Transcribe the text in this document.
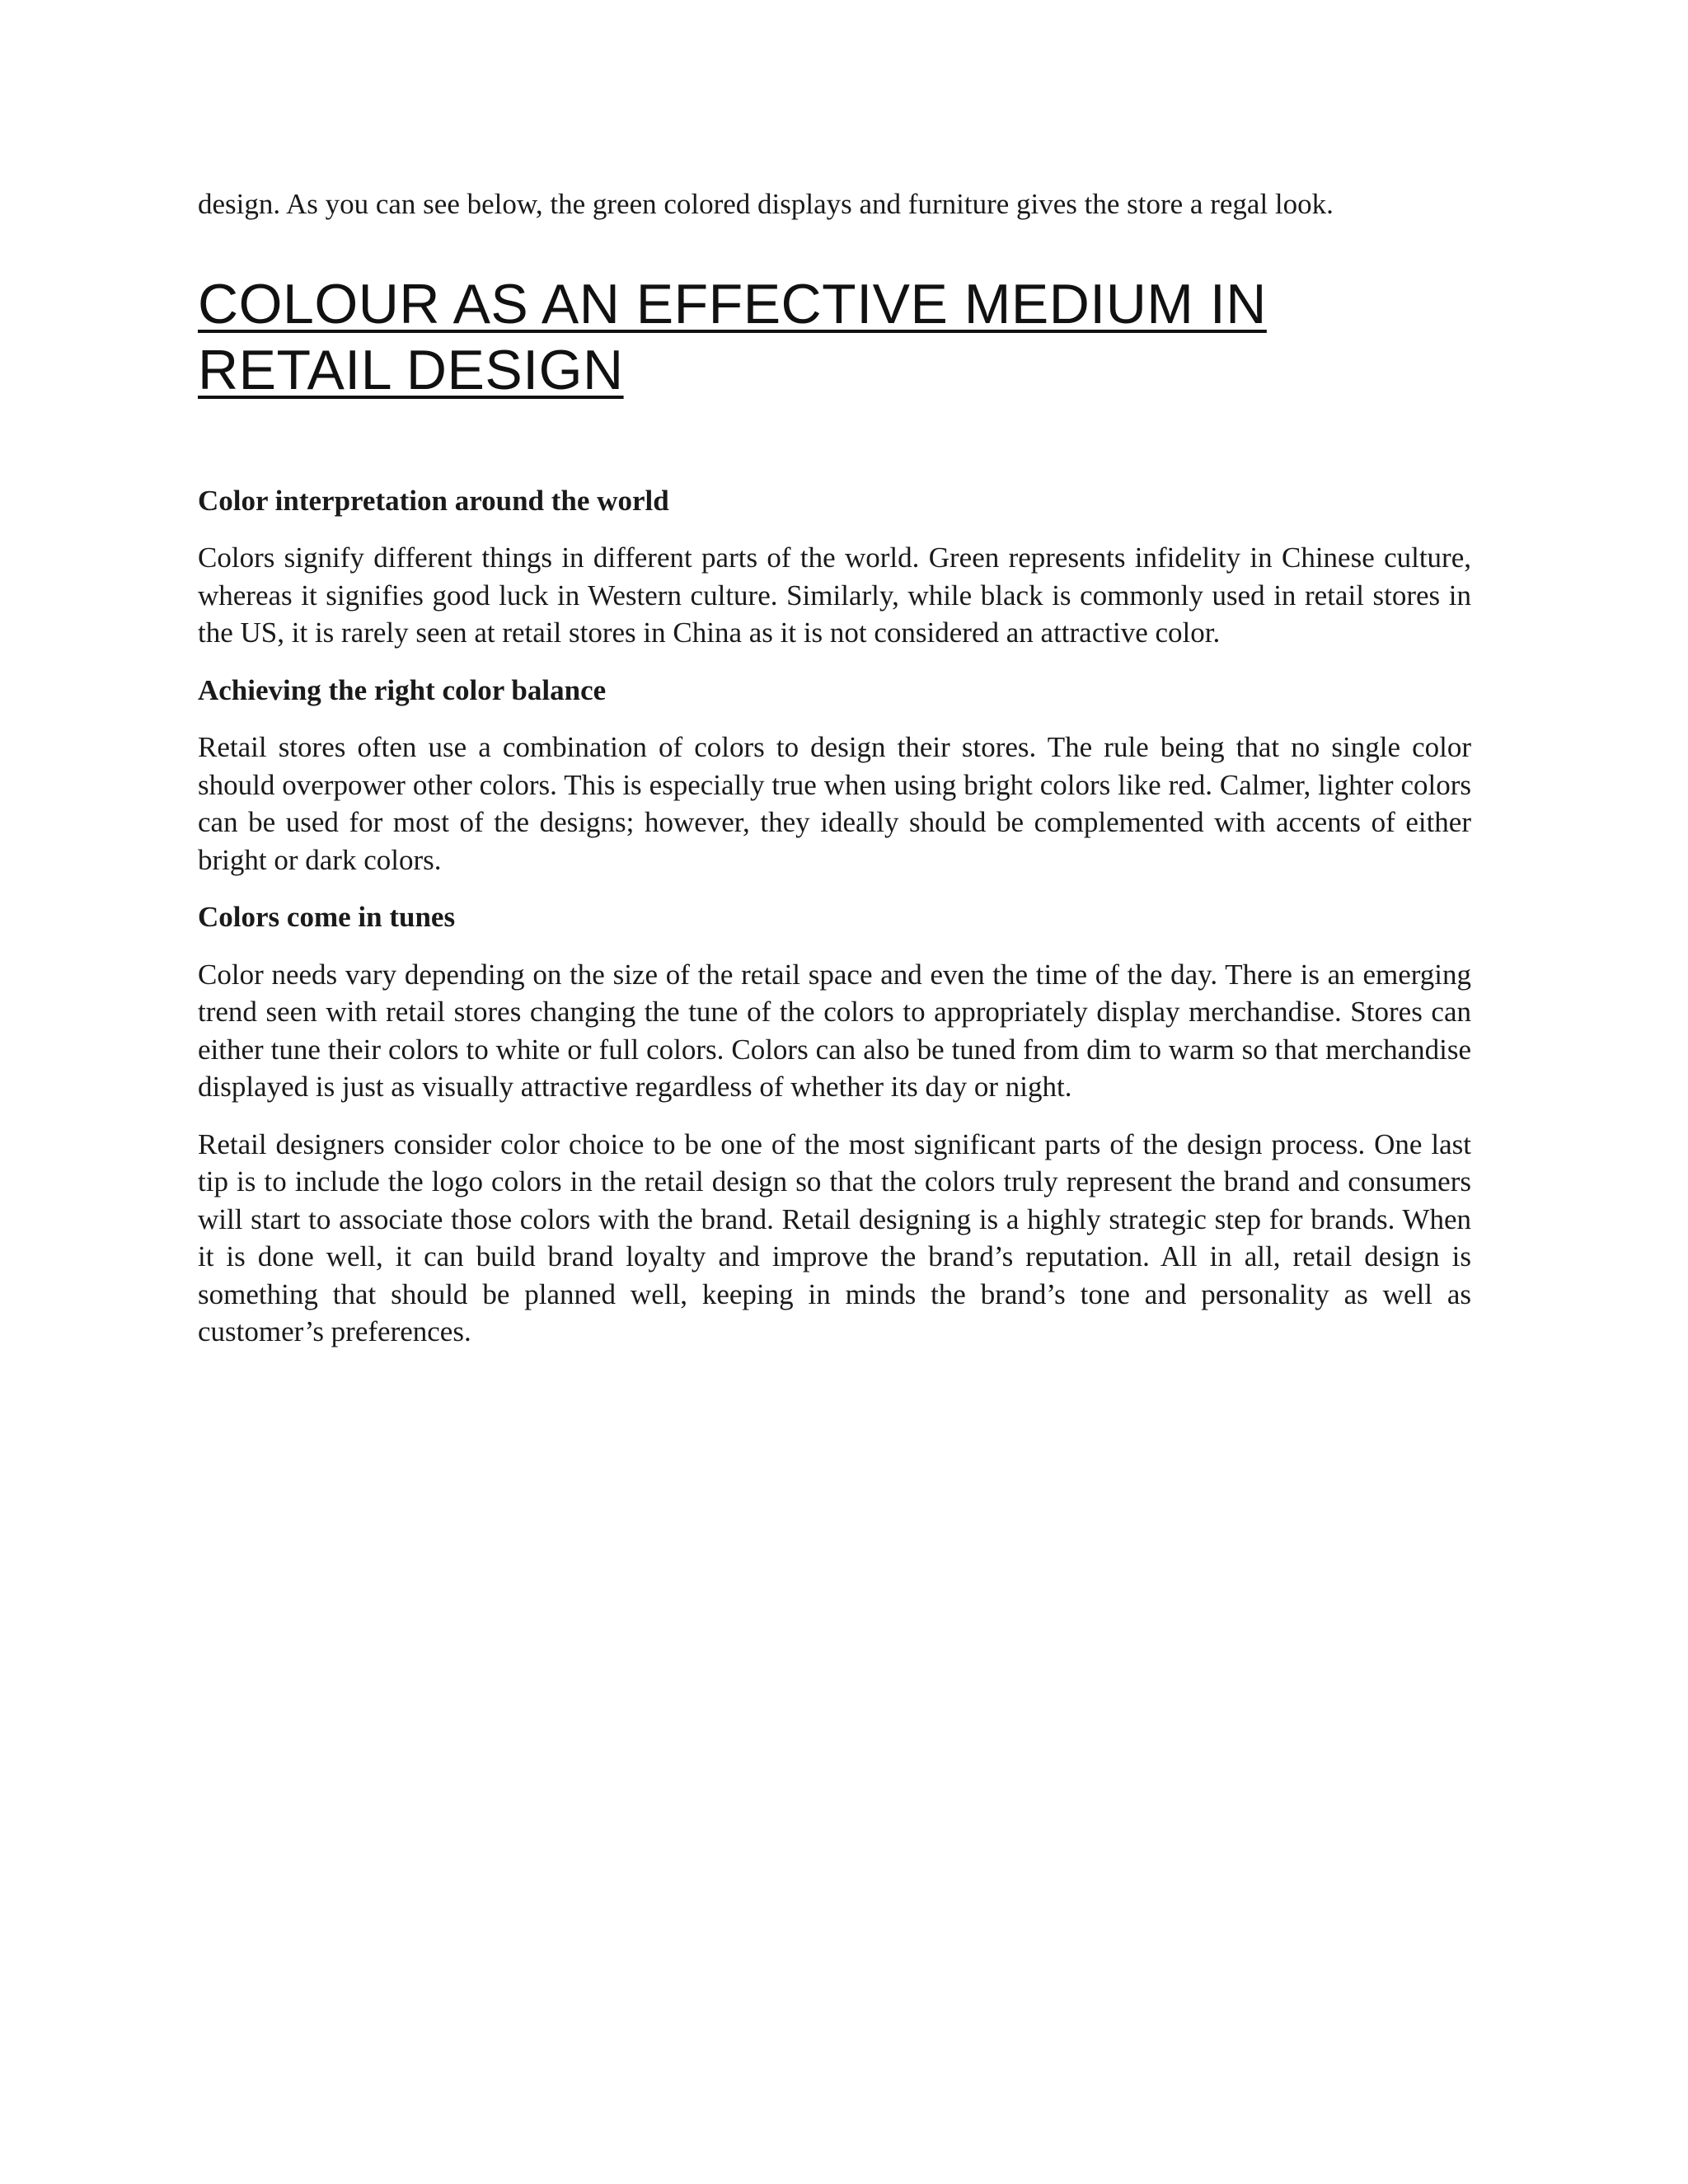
design. As you can see below, the green colored displays and furniture gives the store a regal look.

COLOUR AS AN EFFECTIVE MEDIUM IN RETAIL DESIGN

Color interpretation around the world

Colors signify different things in different parts of the world. Green represents infidelity in Chinese culture, whereas it signifies good luck in Western culture. Similarly, while black is commonly used in retail stores in the US, it is rarely seen at retail stores in China as it is not considered an attractive color.

Achieving the right color balance

Retail stores often use a combination of colors to design their stores. The rule being that no single color should overpower other colors. This is especially true when using bright colors like red. Calmer, lighter colors can be used for most of the designs; however, they ideally should be complemented with accents of either bright or dark colors.

Colors come in tunes

Color needs vary depending on the size of the retail space and even the time of the day. There is an emerging trend seen with retail stores changing the tune of the colors to appropriately display merchandise. Stores can either tune their colors to white or full colors. Colors can also be tuned from dim to warm so that merchandise displayed is just as visually attractive regardless of whether its day or night.

Retail designers consider color choice to be one of the most significant parts of the design process. One last tip is to include the logo colors in the retail design so that the colors truly represent the brand and consumers will start to associate those colors with the brand. Retail designing is a highly strategic step for brands. When it is done well, it can build brand loyalty and improve the brand’s reputation. All in all, retail design is something that should be planned well, keeping in minds the brand’s tone and personality as well as customer’s preferences.
